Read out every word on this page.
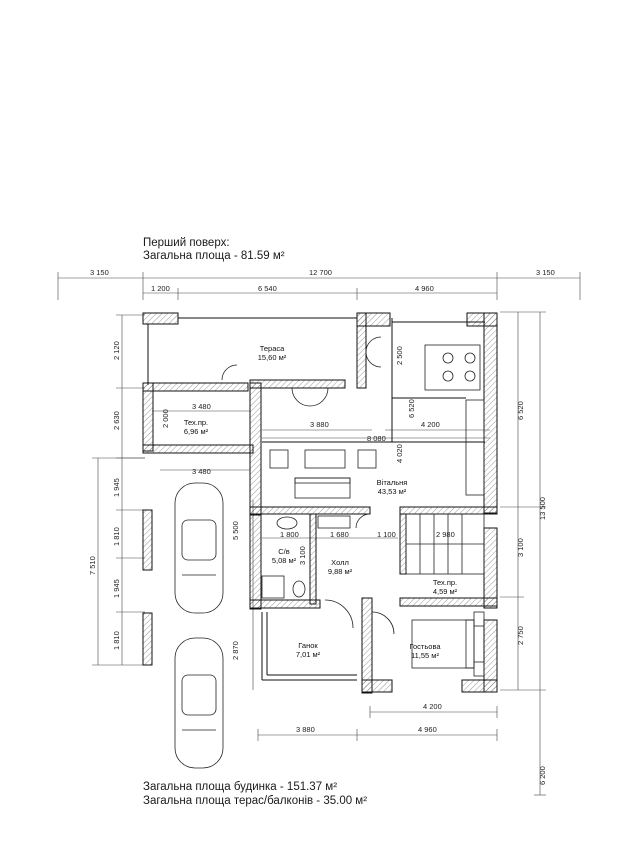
Перший поверх:
Загальна площа - 81.59 м²
3 150	12 700	3 150
1 200	6 540	4 960
2 120
2 630
1 945
1 810
1 945
1 810
7 510
6 520
13 500
3 100
2 750
6 200
4 200
3 880	4 960
3 480
3 480
2 000	3 880
8 080
4 200
6 520
2 500
4 020
5 500
2 870
1 800	1 680	1 100	2 980
3 100
Тераса
15,60 м²
Тех.пр.
6,96 м²
Вітальня
43,53 м²
С/в
5,08 м²	Холл
9,88 м²
Тех.пр.
4,59 м²
Ганок
7,01 м²
Гостьова
11,55 м²
Загальна площа будинка - 151.37 м²
Загальна площа терас/балконів - 35.00 м²
